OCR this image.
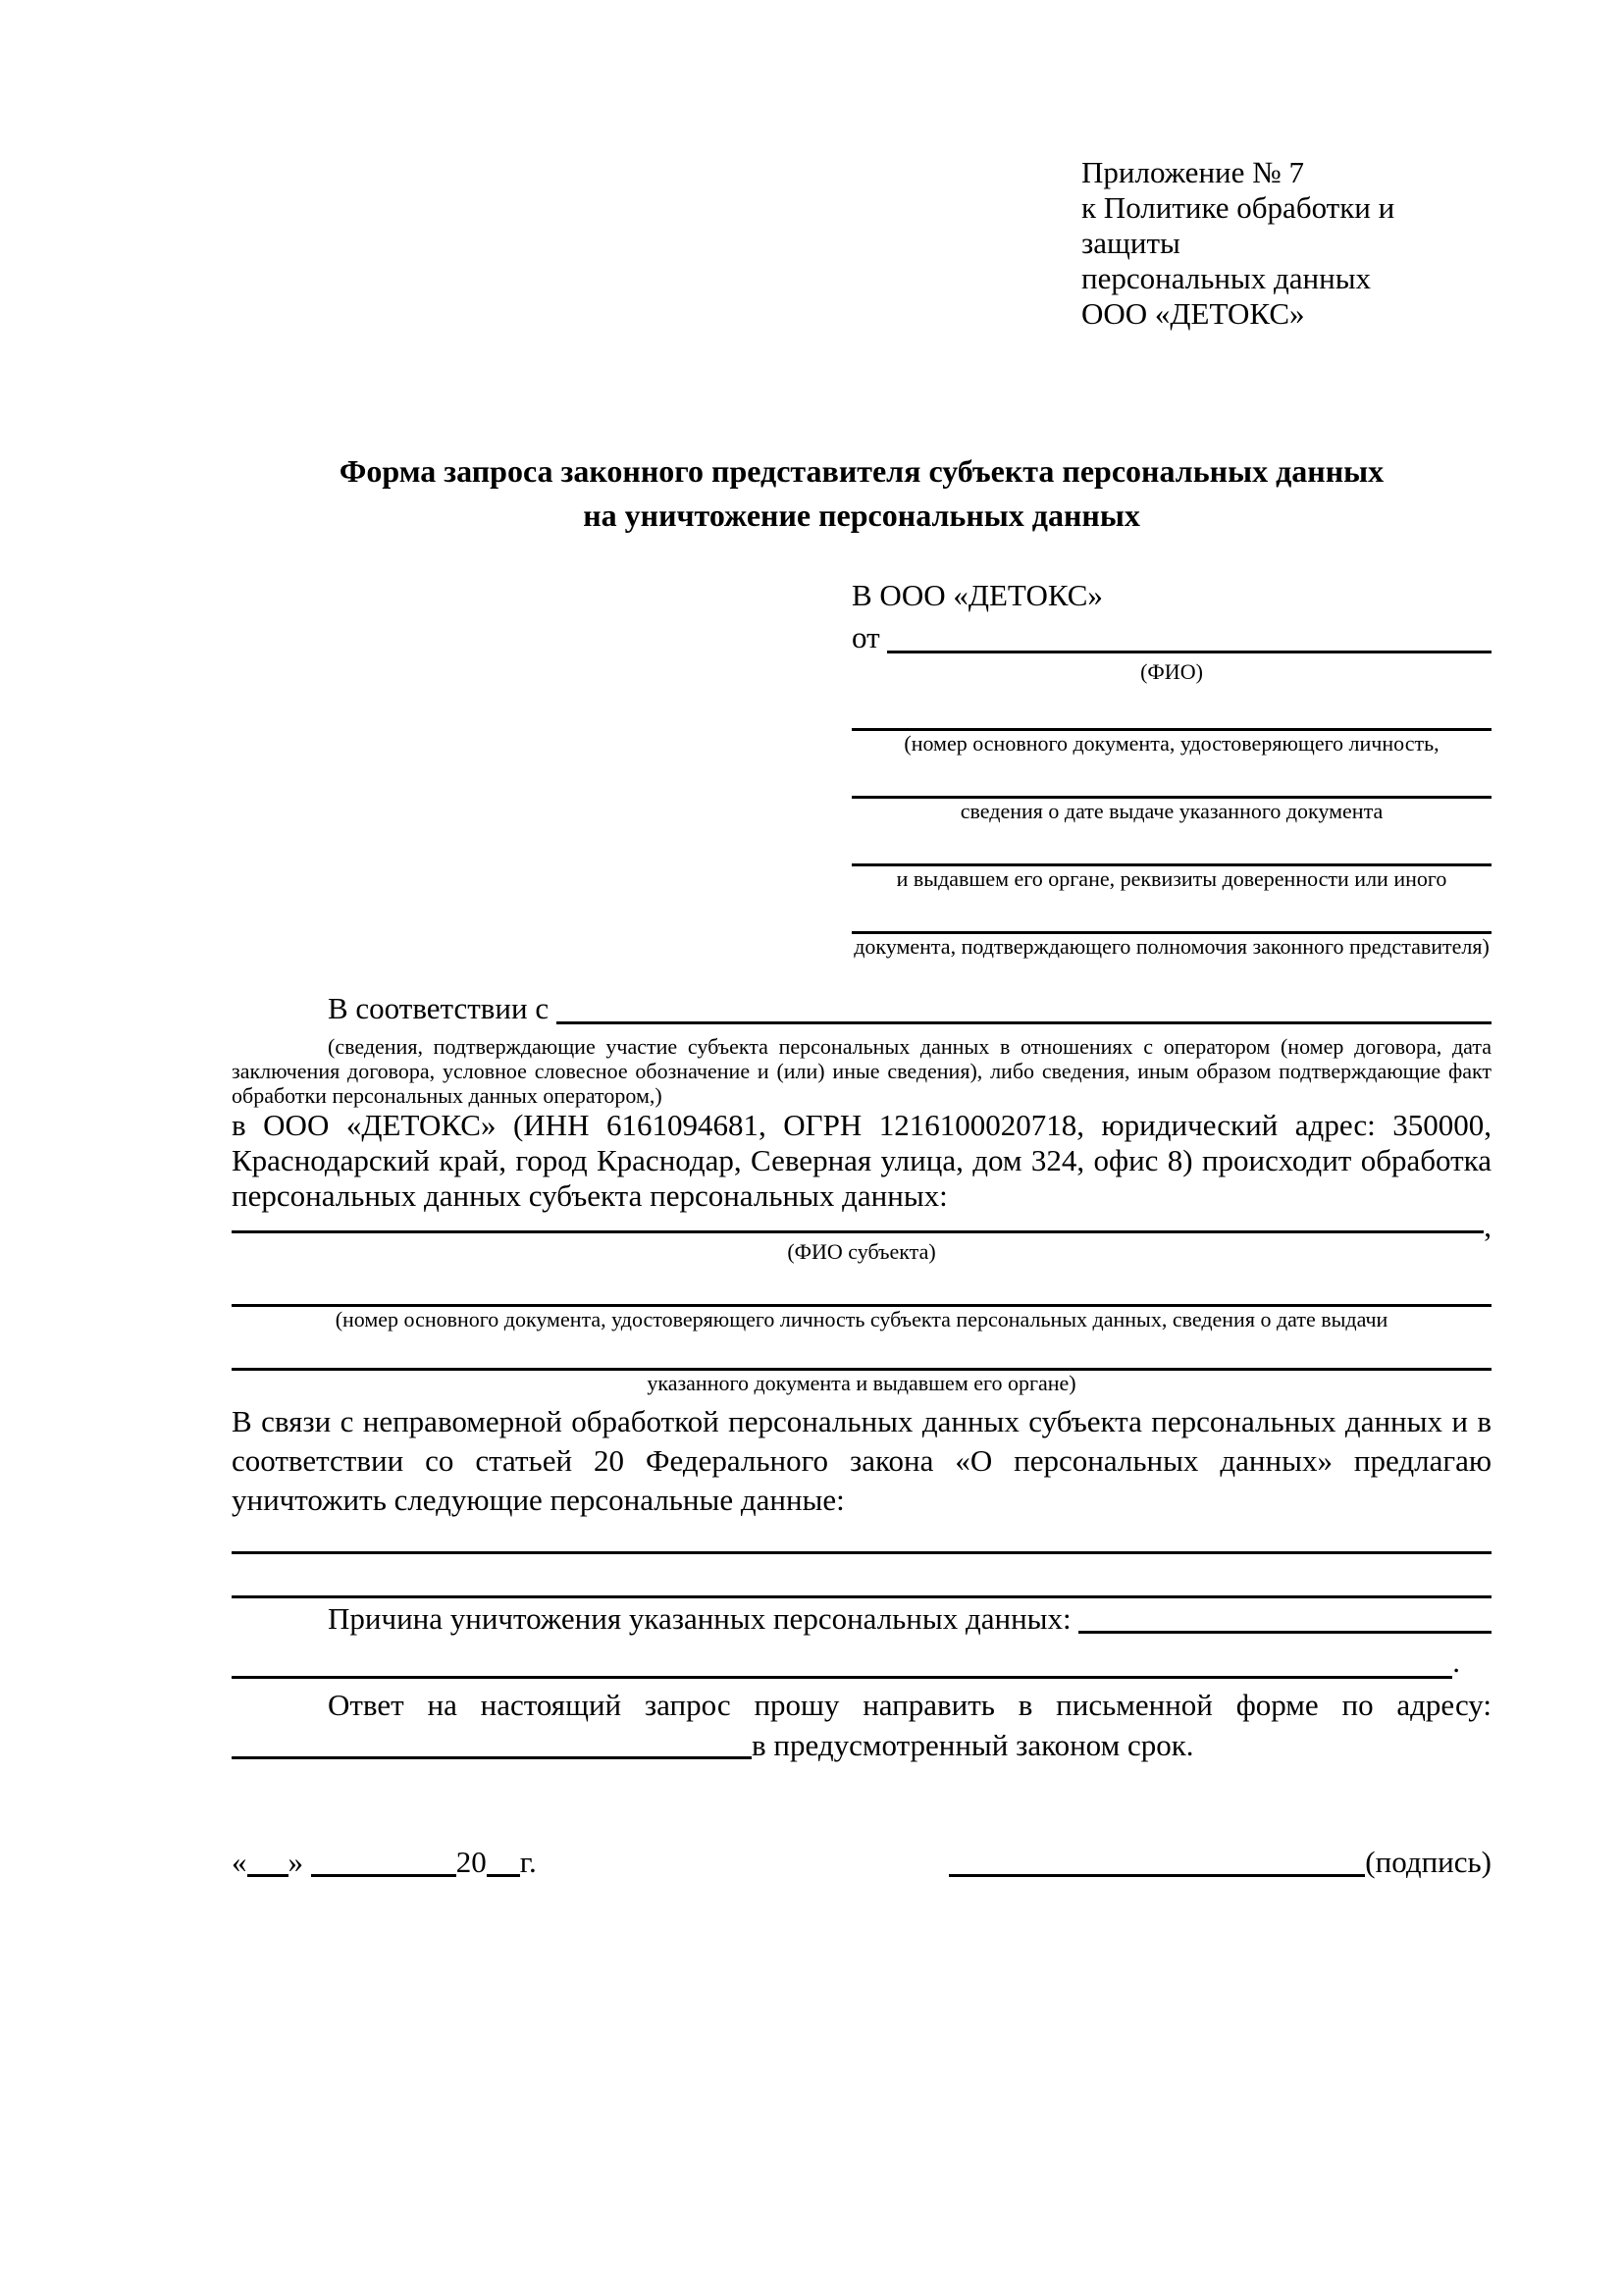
Приложение № 7
к Политике обработки и защиты
персональных данных
ООО «ДЕТОКС»
Форма запроса законного представителя субъекта персональных данных
на уничтожение персональных данных
В ООО «ДЕТОКС»
от
(ФИО)
(номер основного документа, удостоверяющего личность,
сведения о дате выдаче указанного документа
и выдавшем его органе, реквизиты доверенности или иного
документа, подтверждающего полномочия законного представителя)
В соответствии с
(сведения, подтверждающие участие субъекта персональных данных в отношениях с оператором (номер договора, дата заключения договора, условное словесное обозначение и (или) иные сведения), либо сведения, иным образом подтверждающие факт обработки персональных данных оператором,)

в ООО «ДЕТОКС» (ИНН 6161094681, ОГРН 1216100020718, юридический адрес: 350000, Краснодарский край, город Краснодар, Северная улица, дом 324, офис 8) происходит обработка персональных данных субъекта персональных данных:

,
(ФИО субъекта)
(номер основного документа, удостоверяющего личность субъекта персональных данных, сведения о дате выдачи
указанного документа и выдавшем его органе)

В связи с неправомерной обработкой персональных данных субъекта персональных данных и в соответствии со статьей 20 Федерального закона «О персональных данных» предлагаю уничтожить следующие персональные данные:

Причина уничтожения указанных персональных данных:
.
Ответ на настоящий запрос прошу направить в письменной форме по адресу:
в предусмотренный законом срок.
« »	20 г.	(подпись)
